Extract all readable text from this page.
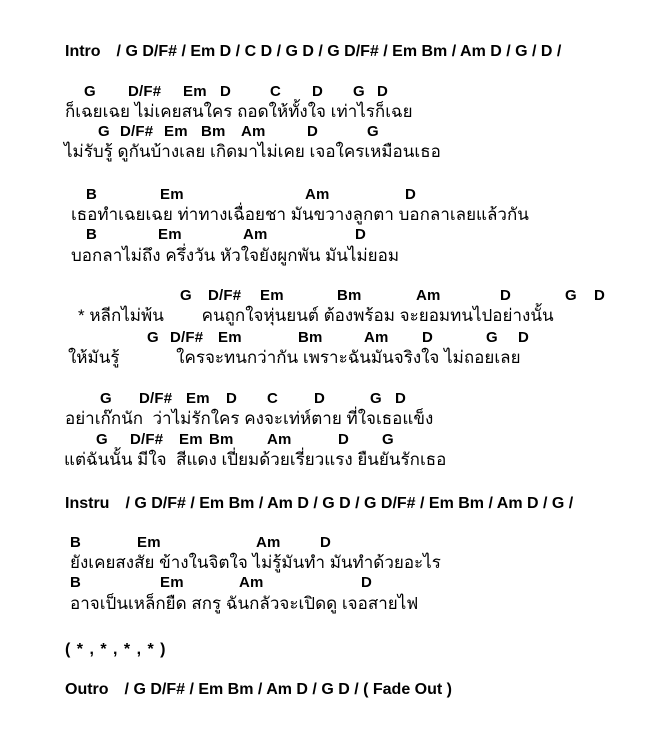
Intro / G D/F# / Em D / C D / G D / G D/F# / Em Bm / Am D / G / D /
G D/F# Em D	C D G D
ก็เฉยเฉย ไม่เคยสนใคร ถอดให้ทั้งใจ เท่าไรก็เฉย
G D/F# Em Bm Am	D	G
ไม่รับรู้ ดูกันบ้างเลย เกิดมาไม่เคย เจอใครเหมือนเธอ
B	Em	Am	D
เธอทำเฉยเฉย ท่าทางเฉื่อยชา มันขวางลูกตา บอกลาเลยแล้วกัน
B	Em	Am	D
บอกลาไม่ถึง ครึ่งวัน หัวใจยังผูกพัน มันไม่ยอม
G D/F# Em	Bm	Am	D	G D
* หลีกไม่พ้น        คนถูกใจหุ่นยนต์ ต้องพร้อม จะยอมทนไปอย่างนั้น
G D/F# Em	Bm	Am D	G D
ให้มันรู้            ใครจะทนกว่ากัน เพราะฉันมันจริงใจ ไม่ถอยเลย
G D/F# Em D C D	G D
อย่าเก๊กนัก  ว่าไม่รักใคร คงจะเท่ห์ตาย ที่ใจเธอแข็ง
G D/F# Em Bm Am	D G
แต่ฉันนั้น มีใจ  สีแดง เปี่ยมด้วยเรี่ยวแรง ยืนยันรักเธอ
Instru / G D/F# / Em Bm / Am D / G D / G D/F# / Em Bm / Am D / G /
B	Em	Am	D
ยังเคยสงสัย ข้างในจิตใจ ไม่รู้มันทำ มันทำด้วยอะไร
B	Em	Am	D
อาจเป็นเหล็กยืด สกรู ฉันกลัวจะเปิดดู เจอสายไฟ
( * , * , * , * )
Outro / G D/F# / Em Bm / Am D / G D / ( Fade Out )
